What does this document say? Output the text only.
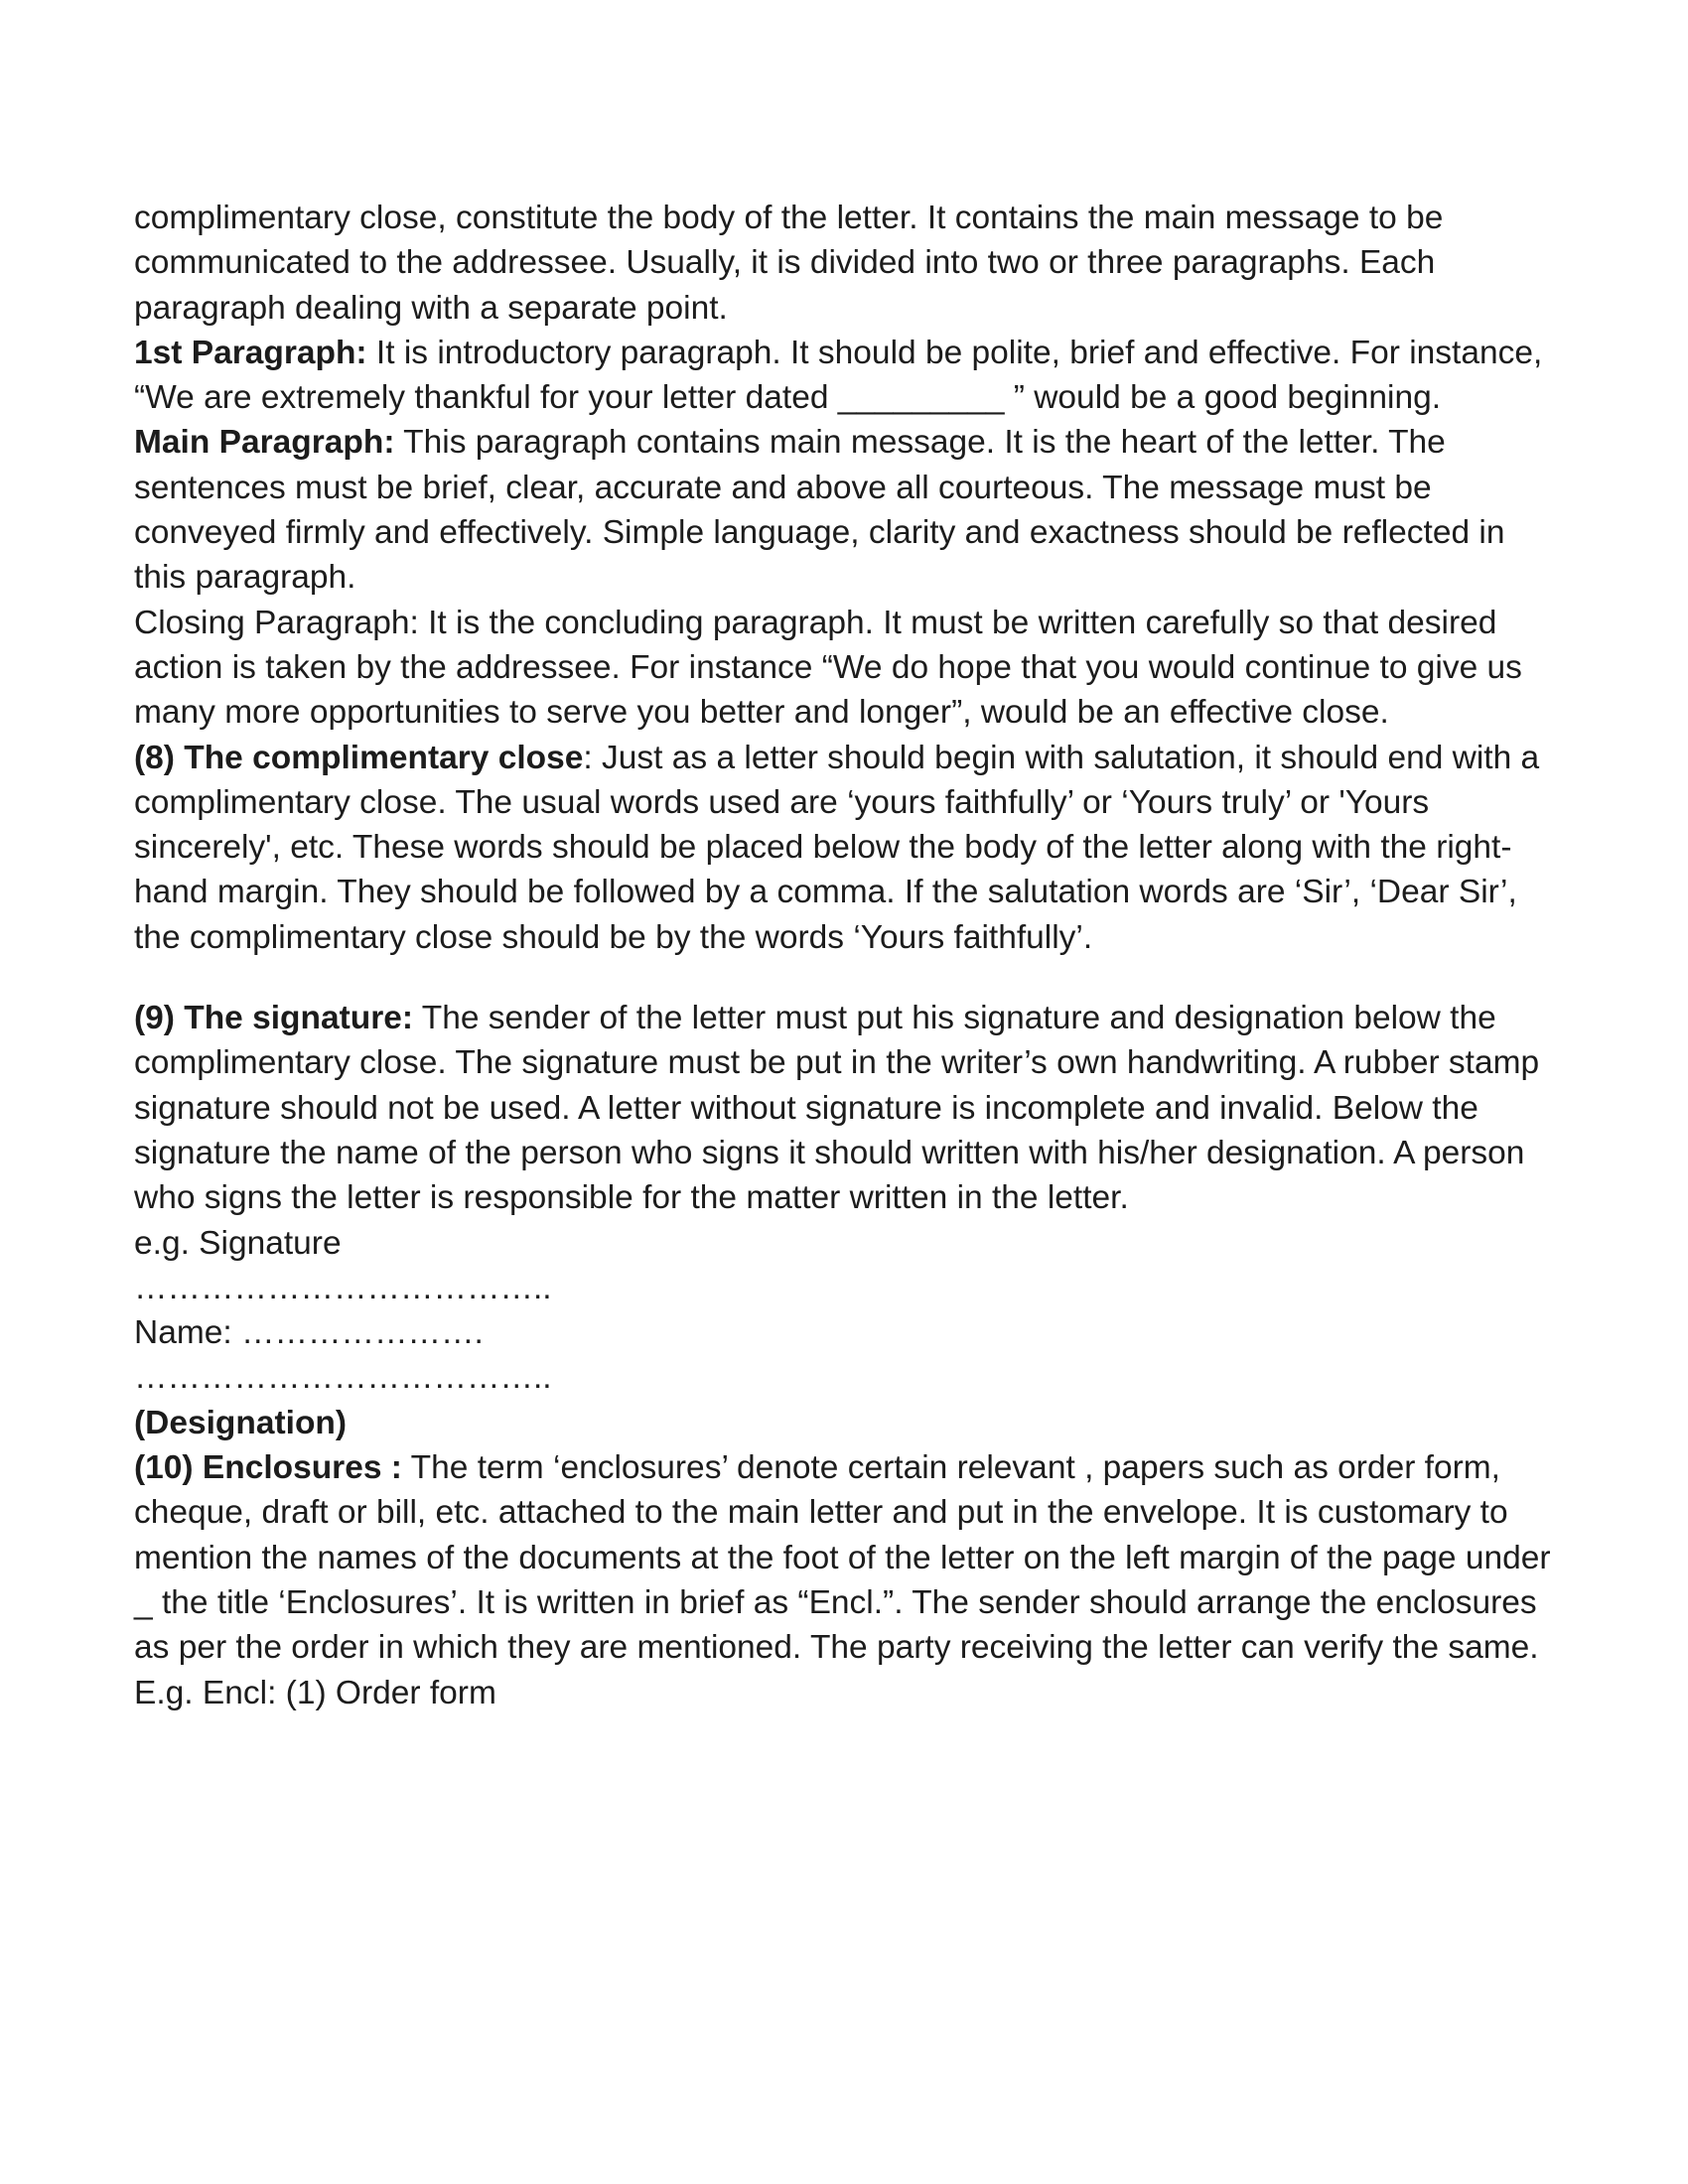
complimentary close, constitute the body of the letter. It contains the main message to be communicated to the addressee. Usually, it is divided into two or three paragraphs. Each paragraph dealing with a separate point.

1st Paragraph: It is introductory paragraph. It should be polite, brief and effective. For instance, “We are extremely thankful for your letter dated _________ ” would be a good beginning.

Main Paragraph: This paragraph contains main message. It is the heart of the letter. The sentences must be brief, clear, accurate and above all courteous. The message must be conveyed firmly and effectively. Simple language, clarity and exactness should be reflected in this paragraph.

Closing Paragraph: It is the concluding paragraph. It must be written carefully so that desired action is taken by the addressee. For instance “We do hope that you would continue to give us many more opportunities to serve you better and longer”, would be an effective close.

(8) The complimentary close: Just as a letter should begin with salutation, it should end with a complimentary close. The usual words used are ‘yours faithfully’ or ‘Yours truly’ or 'Yours sincerely', etc. These words should be placed below the body of the letter along with the right-hand margin. They should be followed by a comma. If the salutation words are ‘Sir’, ‘Dear Sir’, the complimentary close should be by the words ‘Yours faithfully’.

(9) The signature: The sender of the letter must put his signature and designation below the complimentary close. The signature must be put in the writer’s own handwriting. A rubber stamp signature should not be used. A letter without signature is incomplete and invalid. Below the signature the name of the person who signs it should written with his/her designation. A person who signs the letter is responsible for the matter written in the letter.

e.g. Signature

………………………………..

Name: ………………….

………………………………..

(Designation)

(10) Enclosures : The term ‘enclosures’ denote certain relevant , papers such as order form, cheque, draft or bill, etc. attached to the main letter and put in the envelope. It is customary to mention the names of the documents at the foot of the letter on the left margin of the page under _ the title ‘Enclosures’. It is written in brief as “Encl.”. The sender should arrange the enclosures as per the order in which they are mentioned. The party receiving the letter can verify the same.

E.g. Encl: (1) Order form
